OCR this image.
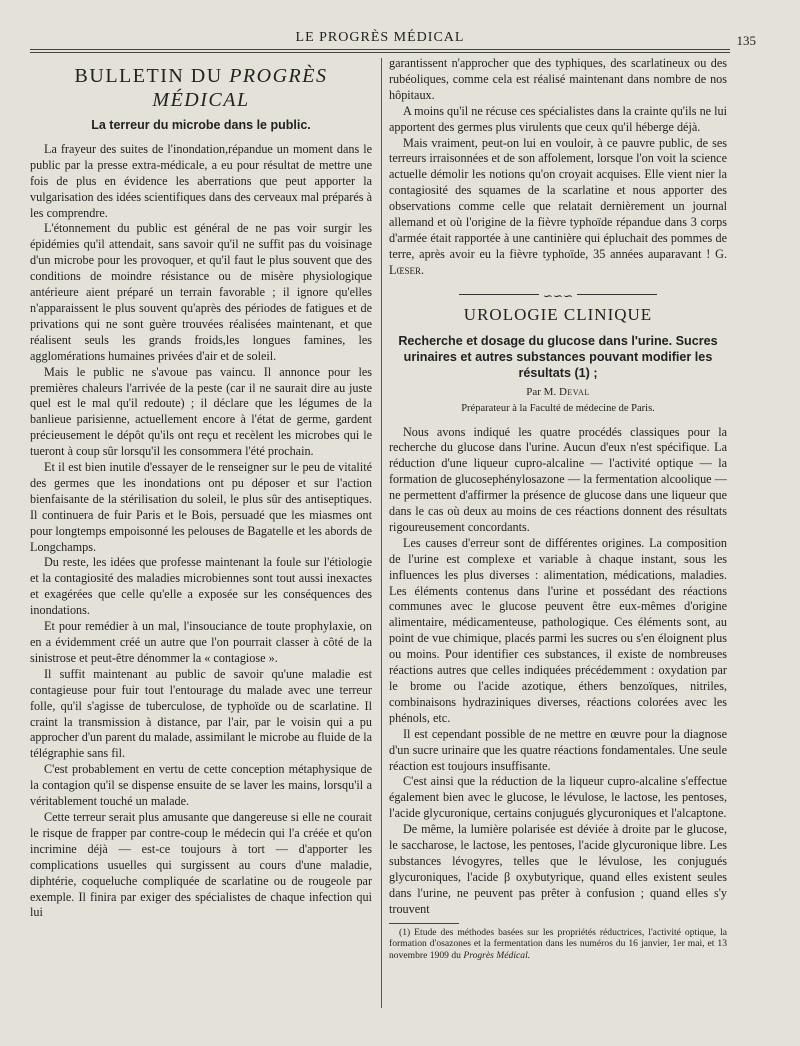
LE PROGRÈS MÉDICAL	135
BULLETIN DU PROGRÈS MÉDICAL
La terreur du microbe dans le public.

La frayeur des suites de l'inondation,répandue un moment dans le public par la presse extra-médicale, a eu pour résultat de mettre une fois de plus en évidence les aberrations que peut apporter la vulgarisation des idées scientifiques dans des cerveaux mal préparés à les comprendre.

L'étonnement du public est général de ne pas voir surgir les épidémies qu'il attendait, sans savoir qu'il ne suffit pas du voisinage d'un microbe pour les provoquer, et qu'il faut le plus souvent que des conditions de moindre résistance ou de misère physiologique antérieure aient préparé un terrain favorable ; il ignore qu'elles n'apparaissent le plus souvent qu'après des périodes de fatigues et de privations qui ne sont guère trouvées réalisées maintenant, et que réalisent seuls les grands froids,les longues famines, les agglomérations humaines privées d'air et de soleil.

Mais le public ne s'avoue pas vaincu. Il annonce pour les premières chaleurs l'arrivée de la peste (car il ne saurait dire au juste quel est le mal qu'il redoute) ; il déclare que les légumes de la banlieue parisienne, actuellement encore à l'état de germe, gardent précieusement le dépôt qu'ils ont reçu et recèlent les microbes qui le tueront à coup sûr lorsqu'il les consommera l'été prochain.

Et il est bien inutile d'essayer de le renseigner sur le peu de vitalité des germes que les inondations ont pu déposer et sur l'action bienfaisante de la stérilisation du soleil, le plus sûr des antiseptiques. Il continuera de fuir Paris et le Bois, persuadé que les miasmes ont pour longtemps empoisonné les pelouses de Bagatelle et les abords de Longchamps.

Du reste, les idées que professe maintenant la foule sur l'étiologie et la contagiosité des maladies microbiennes sont tout aussi inexactes et exagérées que celle qu'elle a exposée sur les conséquences des inondations.

Et pour remédier à un mal, l'insouciance de toute prophylaxie, on en a évidemment créé un autre que l'on pourrait classer à côté de la sinistrose et peut-être dénommer la « contagiose ».

Il suffit maintenant au public de savoir qu'une maladie est contagieuse pour fuir tout l'entourage du malade avec une terreur folle, qu'il s'agisse de tuberculose, de typhoïde ou de scarlatine. Il craint la transmission à distance, par l'air, par le voisin qui a pu approcher d'un parent du malade, assimilant le microbe au fluide de la télégraphie sans fil.

C'est probablement en vertu de cette conception métaphysique de la contagion qu'il se dispense ensuite de se laver les mains, lorsqu'il a véritablement touché un malade.

Cette terreur serait plus amusante que dangereuse si elle ne courait le risque de frapper par contre-coup le médecin qui l'a créée et qu'on incrimine déjà — est-ce toujours à tort — d'apporter les complications usuelles qui surgissent au cours d'une maladie, diphtérie, coqueluche compliquée de scarlatine ou de rougeole par exemple. Il finira par exiger des spécialistes de chaque infection qui lui

garantissent n'approcher que des typhiques, des scarlatineux ou des rubéoliques, comme cela est réalisé maintenant dans nombre de nos hôpitaux.

A moins qu'il ne récuse ces spécialistes dans la crainte qu'ils ne lui apportent des germes plus virulents que ceux qu'il héberge déjà.

Mais vraiment, peut-on lui en vouloir, à ce pauvre public, de ses terreurs irraisonnées et de son affolement, lorsque l'on voit la science actuelle démolir les notions qu'on croyait acquises. Elle vient nier la contagiosité des squames de la scarlatine et nous apporter des observations comme celle que relatait dernièrement un journal allemand et où l'origine de la fièvre typhoïde répandue dans 3 corps d'armée était rapportée à une cantinière qui épluchait des pommes de terre, après avoir eu la fièvre typhoïde, 35 années auparavant ! G. Lœser.

∽∽∽
UROLOGIE CLINIQUE
Recherche et dosage du glucose dans l'urine. Sucres urinaires et autres substances pouvant modifier les résultats (1) ;
Par M. Deval
Préparateur à la Faculté de médecine de Paris.

Nous avons indiqué les quatre procédés classiques pour la recherche du glucose dans l'urine. Aucun d'eux n'est spécifique. La réduction d'une liqueur cupro-alcaline — l'activité optique — la formation de glucosephénylosazone — la fermentation alcoolique — ne permettent d'affirmer la présence de glucose dans une liqueur que dans le cas où deux au moins de ces réactions donnent des résultats rigoureusement concordants.

Les causes d'erreur sont de différentes origines. La composition de l'urine est complexe et variable à chaque instant, sous les influences les plus diverses : alimentation, médications, maladies. Les éléments contenus dans l'urine et possédant des réactions communes avec le glucose peuvent être eux-mêmes d'origine alimentaire, médicamenteuse, pathologique. Ces éléments sont, au point de vue chimique, placés parmi les sucres ou s'en éloignent plus ou moins. Pour identifier ces substances, il existe de nombreuses réactions autres que celles indiquées précédemment : oxydation par le brome ou l'acide azotique, éthers benzoïques, nitriles, combinaisons hydraziniques diverses, réactions colorées avec les phénols, etc.

Il est cependant possible de ne mettre en œuvre pour la diagnose d'un sucre urinaire que les quatre réactions fondamentales. Une seule réaction est toujours insuffisante.

C'est ainsi que la réduction de la liqueur cupro-alcaline s'effectue également bien avec le glucose, le lévulose, le lactose, les pentoses, l'acide glycuronique, certains conjugués glycuroniques et l'alcaptone.

De même, la lumière polarisée est déviée à droite par le glucose, le saccharose, le lactose, les pentoses, l'acide glycuronique libre. Les substances lévogyres, telles que le lévulose, les conjugués glycuroniques, l'acide β oxybutyrique, quand elles existent seules dans l'urine, ne peuvent pas prêter à confusion ; quand elles s'y trouvent

(1) Etude des méthodes basées sur les propriétés réductrices, l'activité optique, la formation d'osazones et la fermentation dans les numéros du 16 janvier, 1er mai, et 13 novembre 1909 du Progrès Médical.
